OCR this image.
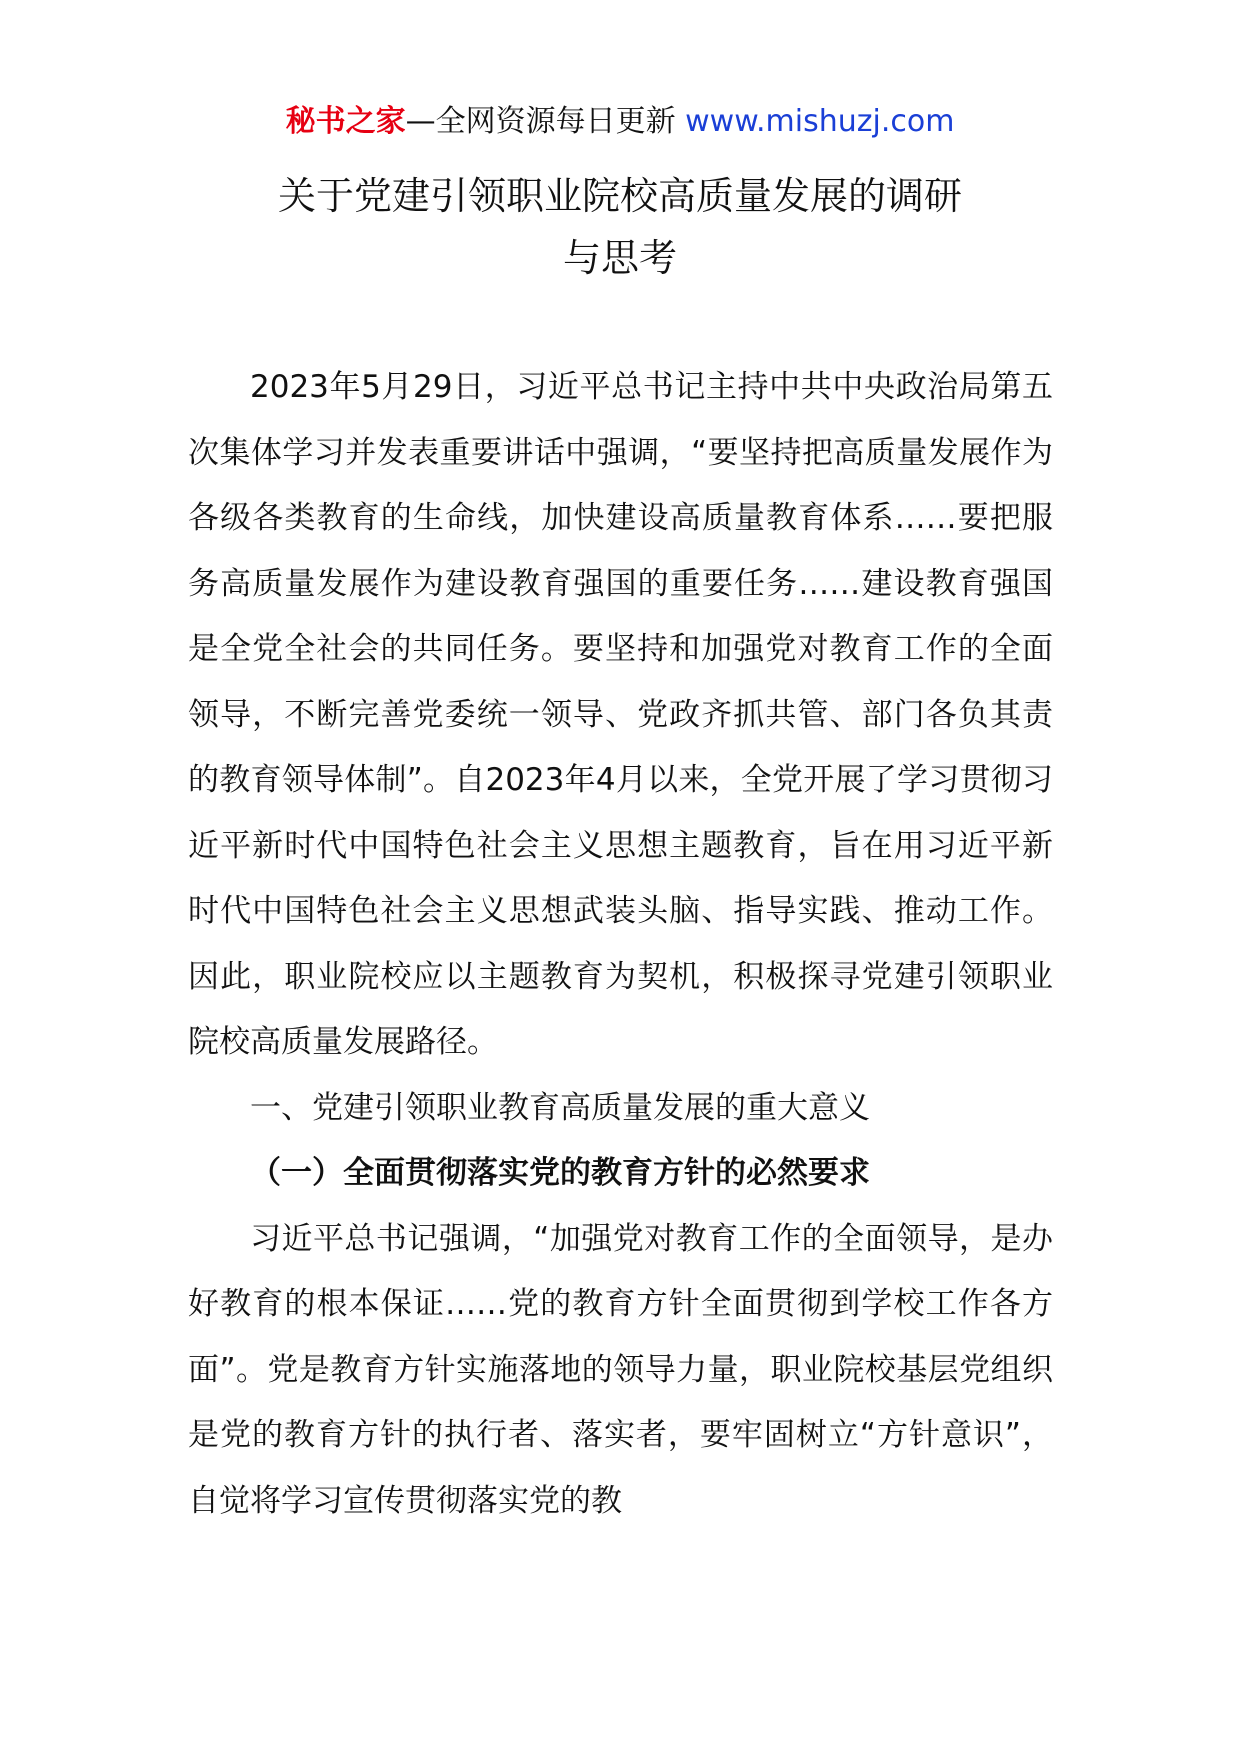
秘书之家—全网资源每日更新 www.mishuzj.com
关于党建引领职业院校高质量发展的调研
与思考

2023年5月29日，习近平总书记主持中共中央政治局第五次集体学习并发表重要讲话中强调，“要坚持把高质量发展作为各级各类教育的生命线，加快建设高质量教育体系……要把服务高质量发展作为建设教育强国的重要任务……建设教育强国是全党全社会的共同任务。要坚持和加强党对教育工作的全面领导，不断完善党委统一领导、党政齐抓共管、部门各负其责的教育领导体制”。自2023年4月以来，全党开展了学习贯彻习近平新时代中国特色社会主义思想主题教育，旨在用习近平新时代中国特色社会主义思想武装头脑、指导实践、推动工作。因此，职业院校应以主题教育为契机，积极探寻党建引领职业院校高质量发展路径。

一、党建引领职业教育高质量发展的重大意义
（一）全面贯彻落实党的教育方针的必然要求

习近平总书记强调，“加强党对教育工作的全面领导，是办好教育的根本保证……党的教育方针全面贯彻到学校工作各方面”。党是教育方针实施落地的领导力量，职业院校基层党组织是党的教育方针的执行者、落实者，要牢固树立“方针意识”，自觉将学习宣传贯彻落实党的教
